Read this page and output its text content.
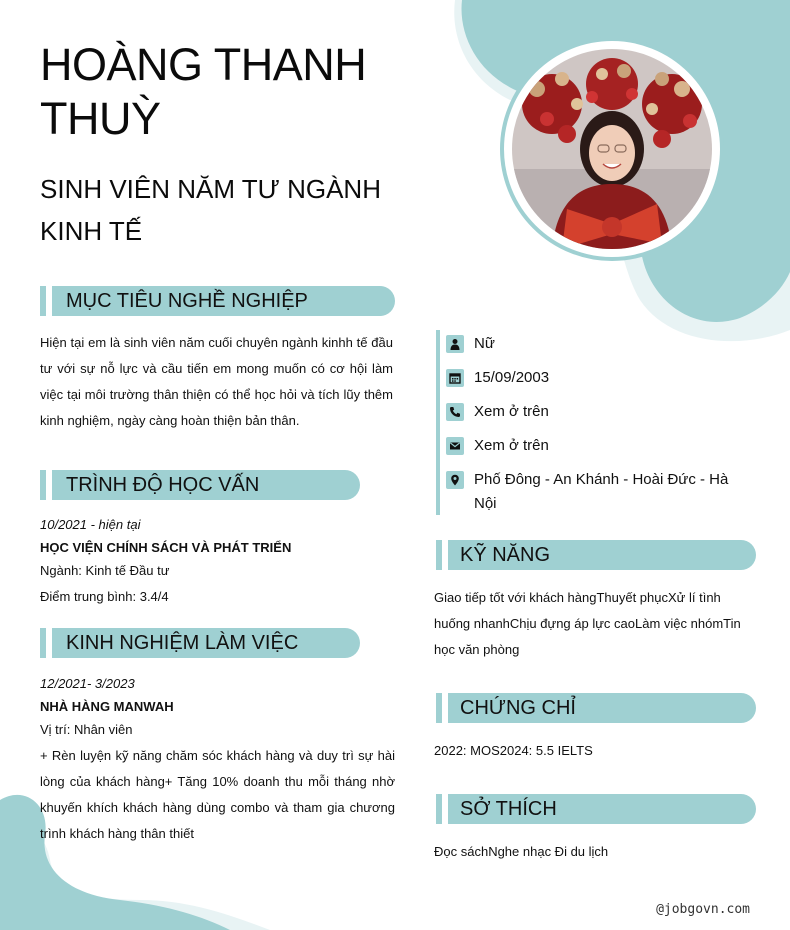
HOÀNG THANH THUỲ
SINH VIÊN NĂM TƯ NGÀNH KINH TẾ
MỤC TIÊU NGHỀ NGHIỆP
Hiện tại em là sinh viên năm cuối chuyên ngành kinhh tế đầu tư với sự nỗ lực và cầu tiến em mong muốn có cơ hội làm việc tại môi trường thân thiện có thể học hỏi và tích lũy thêm kinh nghiệm, ngày càng hoàn thiện bản thân.
TRÌNH ĐỘ HỌC VẤN
10/2021 - hiện tại
HỌC VIỆN CHÍNH SÁCH VÀ PHÁT TRIỂN
Ngành: Kinh tế Đầu tư
Điểm trung bình: 3.4/4
KINH NGHIỆM LÀM VIỆC
12/2021- 3/2023
NHÀ HÀNG MANWAH
Vị trí: Nhân viên
+ Rèn luyện kỹ năng chăm sóc khách hàng và duy trì sự hài lòng của khách hàng+ Tăng 10% doanh thu mỗi tháng nhờ khuyến khích khách hàng dùng combo và tham gia chương trình khách hàng thân thiết
Nữ
15/09/2003
Xem ở trên
Xem ở trên
Phố Đông - An Khánh - Hoài Đức - Hà Nội
KỸ NĂNG
Giao tiếp tốt với khách hàngThuyết phụcXử lí tình huống nhanhChịu đựng áp lực caoLàm việc nhómTin học văn phòng
CHỨNG CHỈ
2022: MOS2024: 5.5 IELTS
SỞ THÍCH
Đọc sáchNghe nhạc Đi du lịch
@jobgovn.com
